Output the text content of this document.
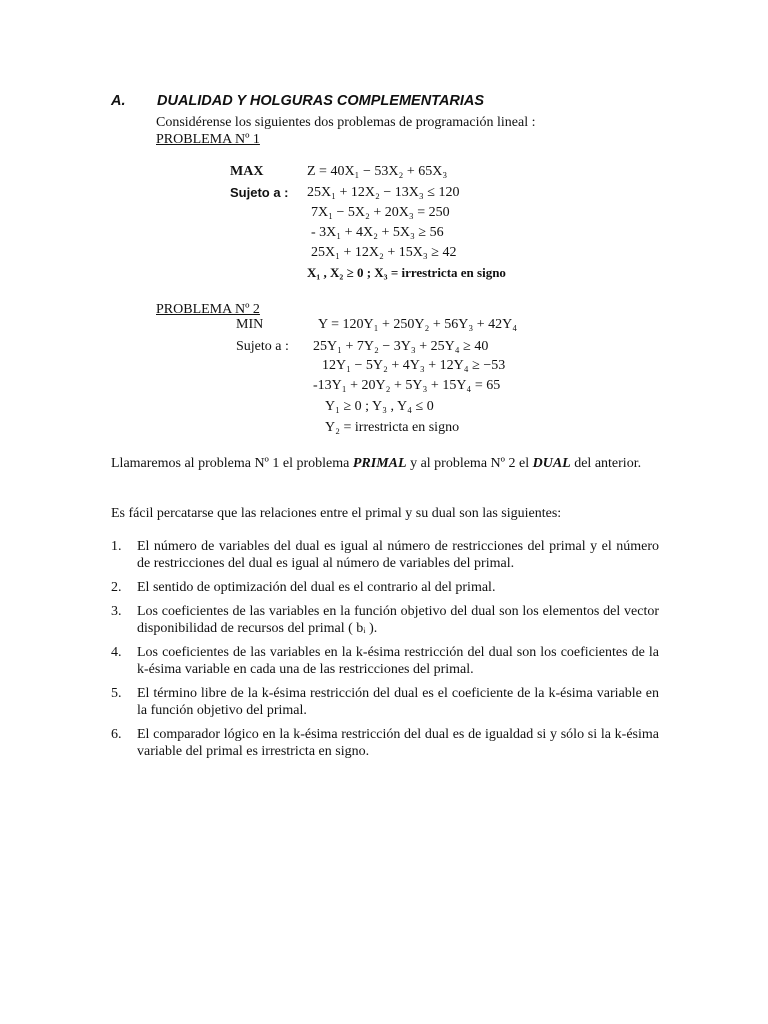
A. DUALIDAD Y HOLGURAS COMPLEMENTARIAS
Considérense los siguientes dos problemas de programación lineal :
PROBLEMA Nº 1
MAX	Z = 40X₁ − 53X₂ + 65X₃
Sujeto a : 25X₁ + 12X₂ − 13X₃ ≤ 120
7X₁ − 5X₂ + 20X₃ = 250
- 3X₁ + 4X₂ + 5X₃ ≥ 56
25X₁ + 12X₂ + 15X₃ ≥ 42
X₁ , X₂ ≥ 0 ; X₃ = irrestricta en signo
PROBLEMA Nº 2
MIN	Y = 120Y₁ + 250Y₂ + 56Y₃ + 42Y₄
Sujeto a : 25Y₁ + 7Y₂ − 3Y₃ + 25Y₄ ≥ 40
12Y₁ − 5Y₂ + 4Y₃ + 12Y₄ ≥ −53
-13Y₁ + 20Y₂ + 5Y₃ + 15Y₄ = 65
Y₁ ≥ 0 ; Y₃ , Y₄ ≤ 0
Y₂ = irrestricta en signo
Llamaremos al problema Nº 1 el problema PRIMAL y al problema Nº 2 el DUAL del anterior.
Es fácil percatarse que las relaciones entre el primal y su dual son las siguientes:
1. El número de variables del dual es igual al número de restricciones del primal y el número de restricciones del dual es igual al número de variables del primal.
2. El sentido de optimización del dual es el contrario al del primal.
3. Los coeficientes de las variables en la función objetivo del dual son los elementos del vector disponibilidad de recursos del primal ( bᵢ ).
4. Los coeficientes de las variables en la k-ésima restricción del dual son los coeficientes de la k-ésima variable en cada una de las restricciones del primal.
5. El término libre de la k-ésima restricción del dual es el coeficiente de la k-ésima variable en la función objetivo del primal.
6. El comparador lógico en la k-ésima restricción del dual es de igualdad si y sólo si la k-ésima variable del primal es irrestricta en signo.
